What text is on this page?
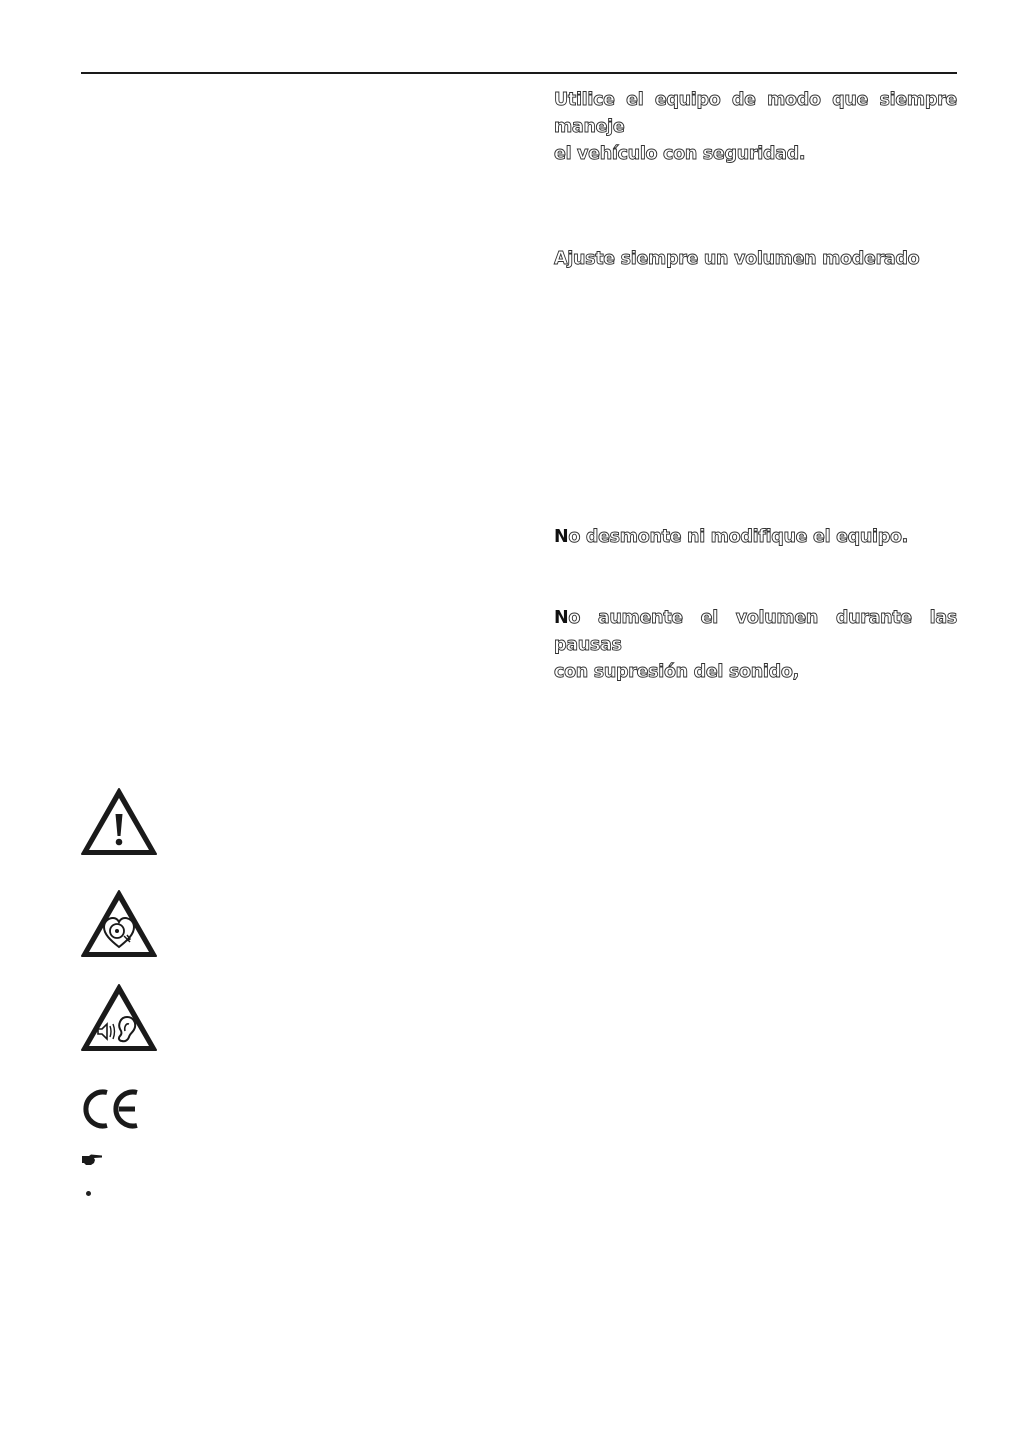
Utilice el equipo de modo que siempre maneje
el vehículo con seguridad.
Ajuste siempre un volumen moderado
No desmonte ni modifique el equipo.
No aumente el volumen durante las pausas
con supresión del sonido,
